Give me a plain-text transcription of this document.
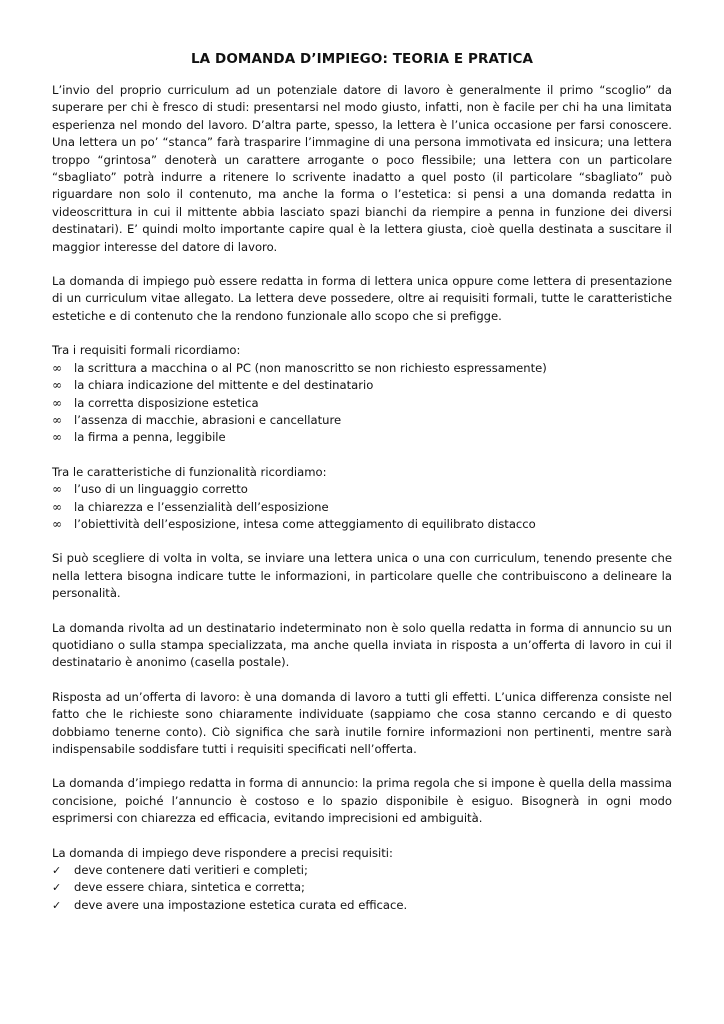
LA DOMANDA D’IMPIEGO: TEORIA E PRATICA

L’invio del proprio curriculum ad un potenziale datore di lavoro è generalmente il primo “scoglio” da superare per chi è fresco di studi: presentarsi nel modo giusto, infatti, non è facile per chi ha una limitata esperienza nel mondo del lavoro. D’altra parte, spesso, la lettera è l’unica occasione per farsi conoscere. Una lettera un po’ “stanca” farà trasparire l’immagine di una persona immotivata ed insicura; una lettera troppo “grintosa” denoterà un carattere arrogante o poco flessibile; una lettera con un particolare “sbagliato” potrà indurre a ritenere lo scrivente inadatto a quel posto (il particolare “sbagliato” può riguardare non solo il contenuto, ma anche la forma o l’estetica: si pensi a una domanda redatta in videoscrittura in cui il mittente abbia lasciato spazi bianchi da riempire a penna in funzione dei diversi destinatari). E’ quindi molto importante capire qual è la lettera giusta, cioè quella destinata a suscitare il maggior interesse del datore di lavoro.

La domanda di impiego può essere redatta in forma di lettera unica oppure come lettera di presentazione di un curriculum vitae allegato. La lettera deve possedere, oltre ai requisiti formali, tutte le caratteristiche estetiche e di contenuto che la rendono funzionale allo scopo che si prefigge.

Tra i requisiti formali ricordiamo:

∞	la scrittura a macchina o al PC (non manoscritto se non richiesto espressamente)
∞	la chiara indicazione del mittente e del destinatario
∞	la corretta disposizione estetica
∞	l’assenza di macchie, abrasioni e cancellature
∞	la firma a penna, leggibile

Tra le caratteristiche di funzionalità ricordiamo:

∞	l’uso di un linguaggio corretto
∞	la chiarezza e l’essenzialità dell’esposizione
∞	l’obiettività dell’esposizione, intesa come atteggiamento di equilibrato distacco

Si può scegliere di volta in volta, se inviare una lettera unica o una con curriculum, tenendo presente che nella lettera bisogna indicare tutte le informazioni, in particolare quelle che contribuiscono a delineare la personalità.

La domanda rivolta ad un destinatario indeterminato non è solo quella redatta in forma di annuncio su un quotidiano o sulla stampa specializzata, ma anche quella inviata in risposta a un’offerta di lavoro in cui il destinatario è anonimo (casella postale).

Risposta ad un’offerta di lavoro: è una domanda di lavoro a tutti gli effetti. L’unica differenza consiste nel fatto che le richieste sono chiaramente individuate (sappiamo che cosa stanno cercando e di questo dobbiamo tenerne conto). Ciò significa che sarà inutile fornire informazioni non pertinenti, mentre sarà indispensabile soddisfare tutti i requisiti specificati nell’offerta.

La domanda d’impiego redatta in forma di annuncio: la prima regola che si impone è quella della massima concisione, poiché l’annuncio è costoso e lo spazio disponibile è esiguo. Bisognerà in ogni modo esprimersi con chiarezza ed efficacia, evitando imprecisioni ed ambiguità.

La domanda di impiego deve rispondere a precisi requisiti:

✓	deve contenere dati veritieri e completi;
✓	deve essere chiara, sintetica e corretta;
✓	deve avere una impostazione estetica curata ed efficace.
